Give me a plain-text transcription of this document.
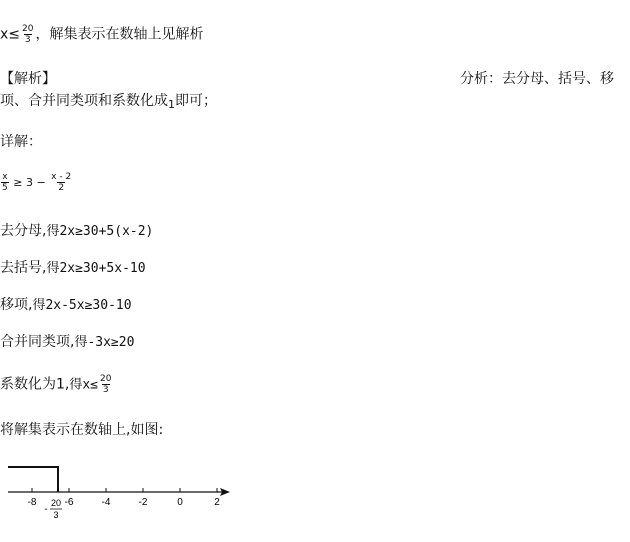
$x\le \frac{20}{3}$ ，解集表示在数轴上见解析
【解析】	分析：去分母、括号、移
项、合并同类项和系数化成$_1$即可；
详解：
$\frac{x}{5} \ge 3 - \frac{x - 2}{2}$
去分母,得2x≥30+5(x-2)
去括号,得2x≥30+5x-10
移项,得2x-5x≥30-10
合并同类项,得-3x≥20
系数化为1,得$x\le \frac{20}{3}$
将解集表示在数轴上,如图:
-8	-6	-4	-2	0	2
-
20
3
